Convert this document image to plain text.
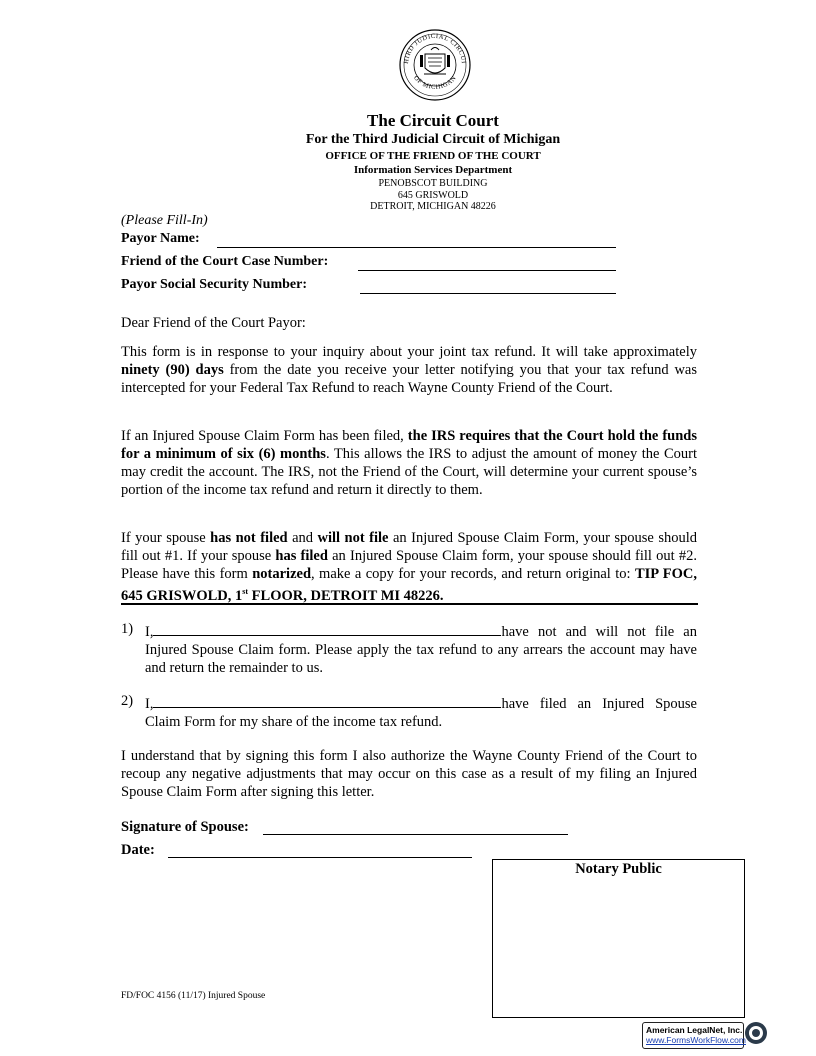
HIRD JUDICIAL CIRCUI
OF MICHIGAN
The Circuit Court
For the Third Judicial Circuit of Michigan
OFFICE OF THE FRIEND OF THE COURT
Information Services Department
PENOBSCOT BUILDING
645 GRISWOLD
DETROIT, MICHIGAN 48226
(Please Fill-In)
Payor Name:
Friend of the Court Case Number:
Payor Social Security Number:
Dear Friend of the Court Payor:

This form is in response to your inquiry about your joint tax refund. It will take approximately ninety (90) days from the date you receive your letter notifying you that your tax refund was intercepted for your Federal Tax Refund to reach Wayne County Friend of the Court.

If an Injured Spouse Claim Form has been filed, the IRS requires that the Court hold the funds for a minimum of six (6) months. This allows the IRS to adjust the amount of money the Court may credit the account. The IRS, not the Friend of the Court, will determine your current spouse’s portion of the income tax refund and return it directly to them.

If your spouse has not filed and will not file an Injured Spouse Claim Form, your spouse should fill out #1. If your spouse has filed an Injured Spouse Claim form, your spouse should fill out #2. Please have this form notarized, make a copy for your records, and return original to: TIP FOC, 645 GRISWOLD, 1st FLOOR, DETROIT MI 48226.

1) I,	have not and will not file an
Injured Spouse Claim form. Please apply the tax refund to any arrears the account may have and return the remainder to us.
2) I,	have filed an Injured Spouse
Claim Form for my share of the income tax refund.
I understand that by signing this form I also authorize the Wayne County Friend of the Court to recoup any negative adjustments that may occur on this case as a result of my filing an Injured Spouse Claim Form after signing this letter.
Signature of Spouse:
Date:
Notary Public
FD/FOC 4156 (11/17) Injured Spouse
American LegalNet, Inc.
www.FormsWorkFlow.com
